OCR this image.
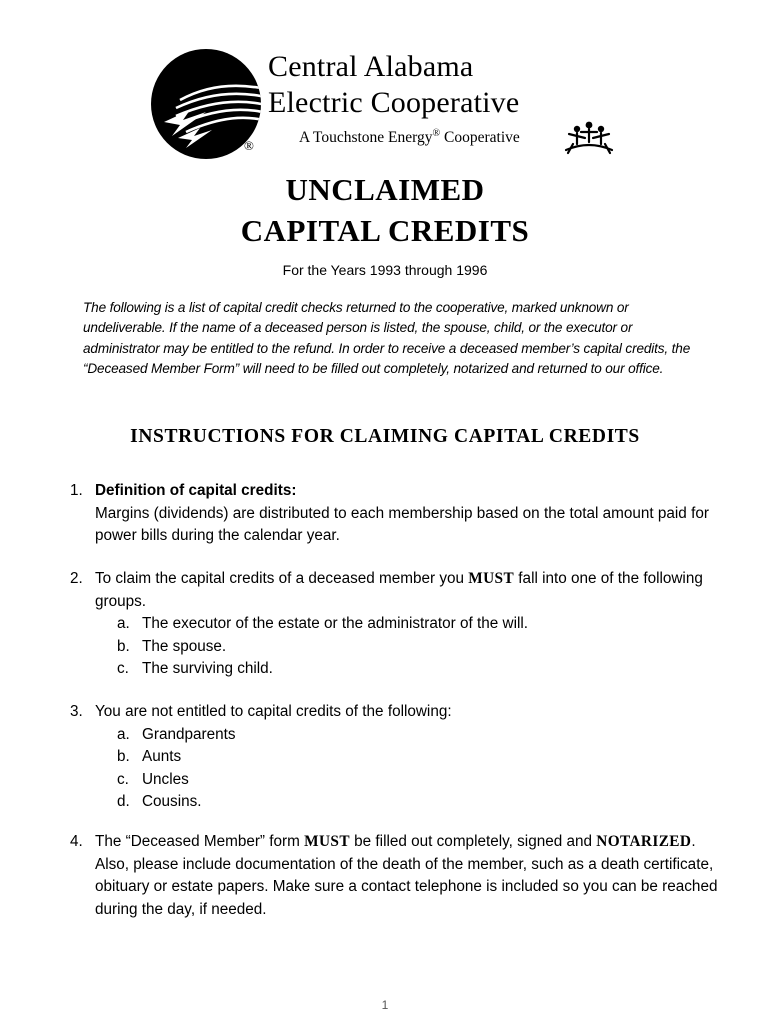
®
Central Alabama
Electric Cooperative
A Touchstone Energy® Cooperative
UNCLAIMED
CAPITAL CREDITS
For the Years 1993 through 1996
The following is a list of capital credit checks returned to the cooperative, marked unknown or undeliverable. If the name of a deceased person is listed, the spouse, child, or the executor or administrator may be entitled to the refund. In order to receive a deceased member’s capital credits, the “Deceased Member Form” will need to be filled out completely, notarized and returned to our office.
INSTRUCTIONS FOR CLAIMING CAPITAL CREDITS
1. Definition of capital credits:
Margins (dividends) are distributed to each membership based on the total amount paid for power bills during the calendar year.
2. To claim the capital credits of a deceased member you MUST fall into one of the following groups.
a. The executor of the estate or the administrator of the will.
b. The spouse.
c. The surviving child.
3. You are not entitled to capital credits of the following:
a. Grandparents
b. Aunts
c. Uncles
d. Cousins.
4. The “Deceased Member” form MUST be filled out completely, signed and NOTARIZED. Also, please include documentation of the death of the member, such as a death certificate, obituary or estate papers. Make sure a contact telephone is included so you can be reached during the day, if needed.
1
